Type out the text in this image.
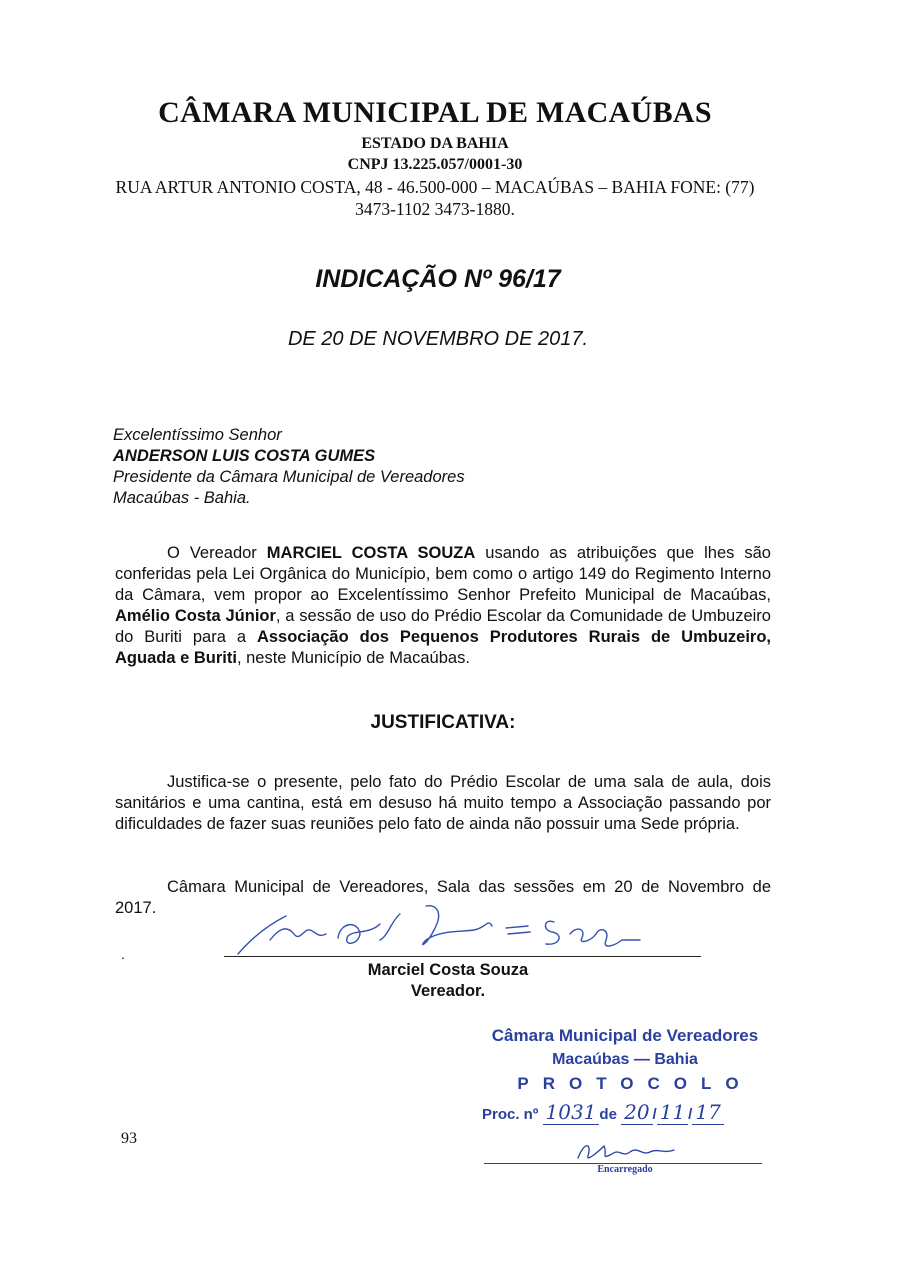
CÂMARA MUNICIPAL DE MACAÚBAS
ESTADO DA BAHIA
CNPJ 13.225.057/0001-30
RUA ARTUR ANTONIO COSTA, 48 - 46.500-000 – MACAÚBAS – BAHIA FONE: (77) 3473-1102 3473-1880.
INDICAÇÃO Nº 96/17
DE 20 DE NOVEMBRO DE 2017.
Excelentíssimo Senhor
ANDERSON LUIS COSTA GUMES
Presidente da Câmara Municipal de Vereadores
Macaúbas - Bahia.
O Vereador MARCIEL COSTA SOUZA usando as atribuições que lhes são conferidas pela Lei Orgânica do Município, bem como o artigo 149 do Regimento Interno da Câmara, vem propor ao Excelentíssimo Senhor Prefeito Municipal de Macaúbas, Amélio Costa Júnior, a sessão de uso do Prédio Escolar da Comunidade de Umbuzeiro do Buriti para a Associação dos Pequenos Produtores Rurais de Umbuzeiro, Aguada e Buriti, neste Município de Macaúbas.
JUSTIFICATIVA:
Justifica-se o presente, pelo fato do Prédio Escolar de uma sala de aula, dois sanitários e uma cantina, está em desuso há muito tempo a Associação passando por dificuldades de fazer suas reuniões pelo fato de ainda não possuir uma Sede própria.
Câmara Municipal de Vereadores, Sala das sessões em 20 de Novembro de 2017.
Marciel Costa Souza
Vereador.
.
Câmara Municipal de Vereadores
Macaúbas — Bahia
PROTOCOLO
Proc. nº 1031 de 20 / 11 / 17
Encarregado
93
